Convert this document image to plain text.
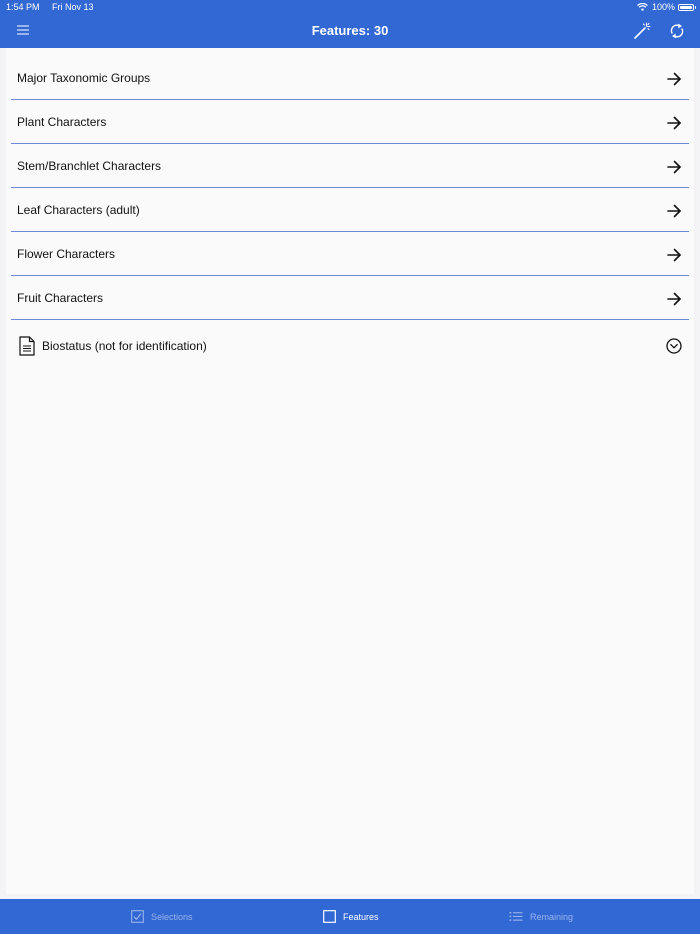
1:54 PM Fri Nov 13	100%
Features: 30
Major Taxonomic Groups
Plant Characters
Stem/Branchlet Characters
Leaf Characters (adult)
Flower Characters
Fruit Characters
Biostatus (not for identification)
Selections	Features	Remaining
